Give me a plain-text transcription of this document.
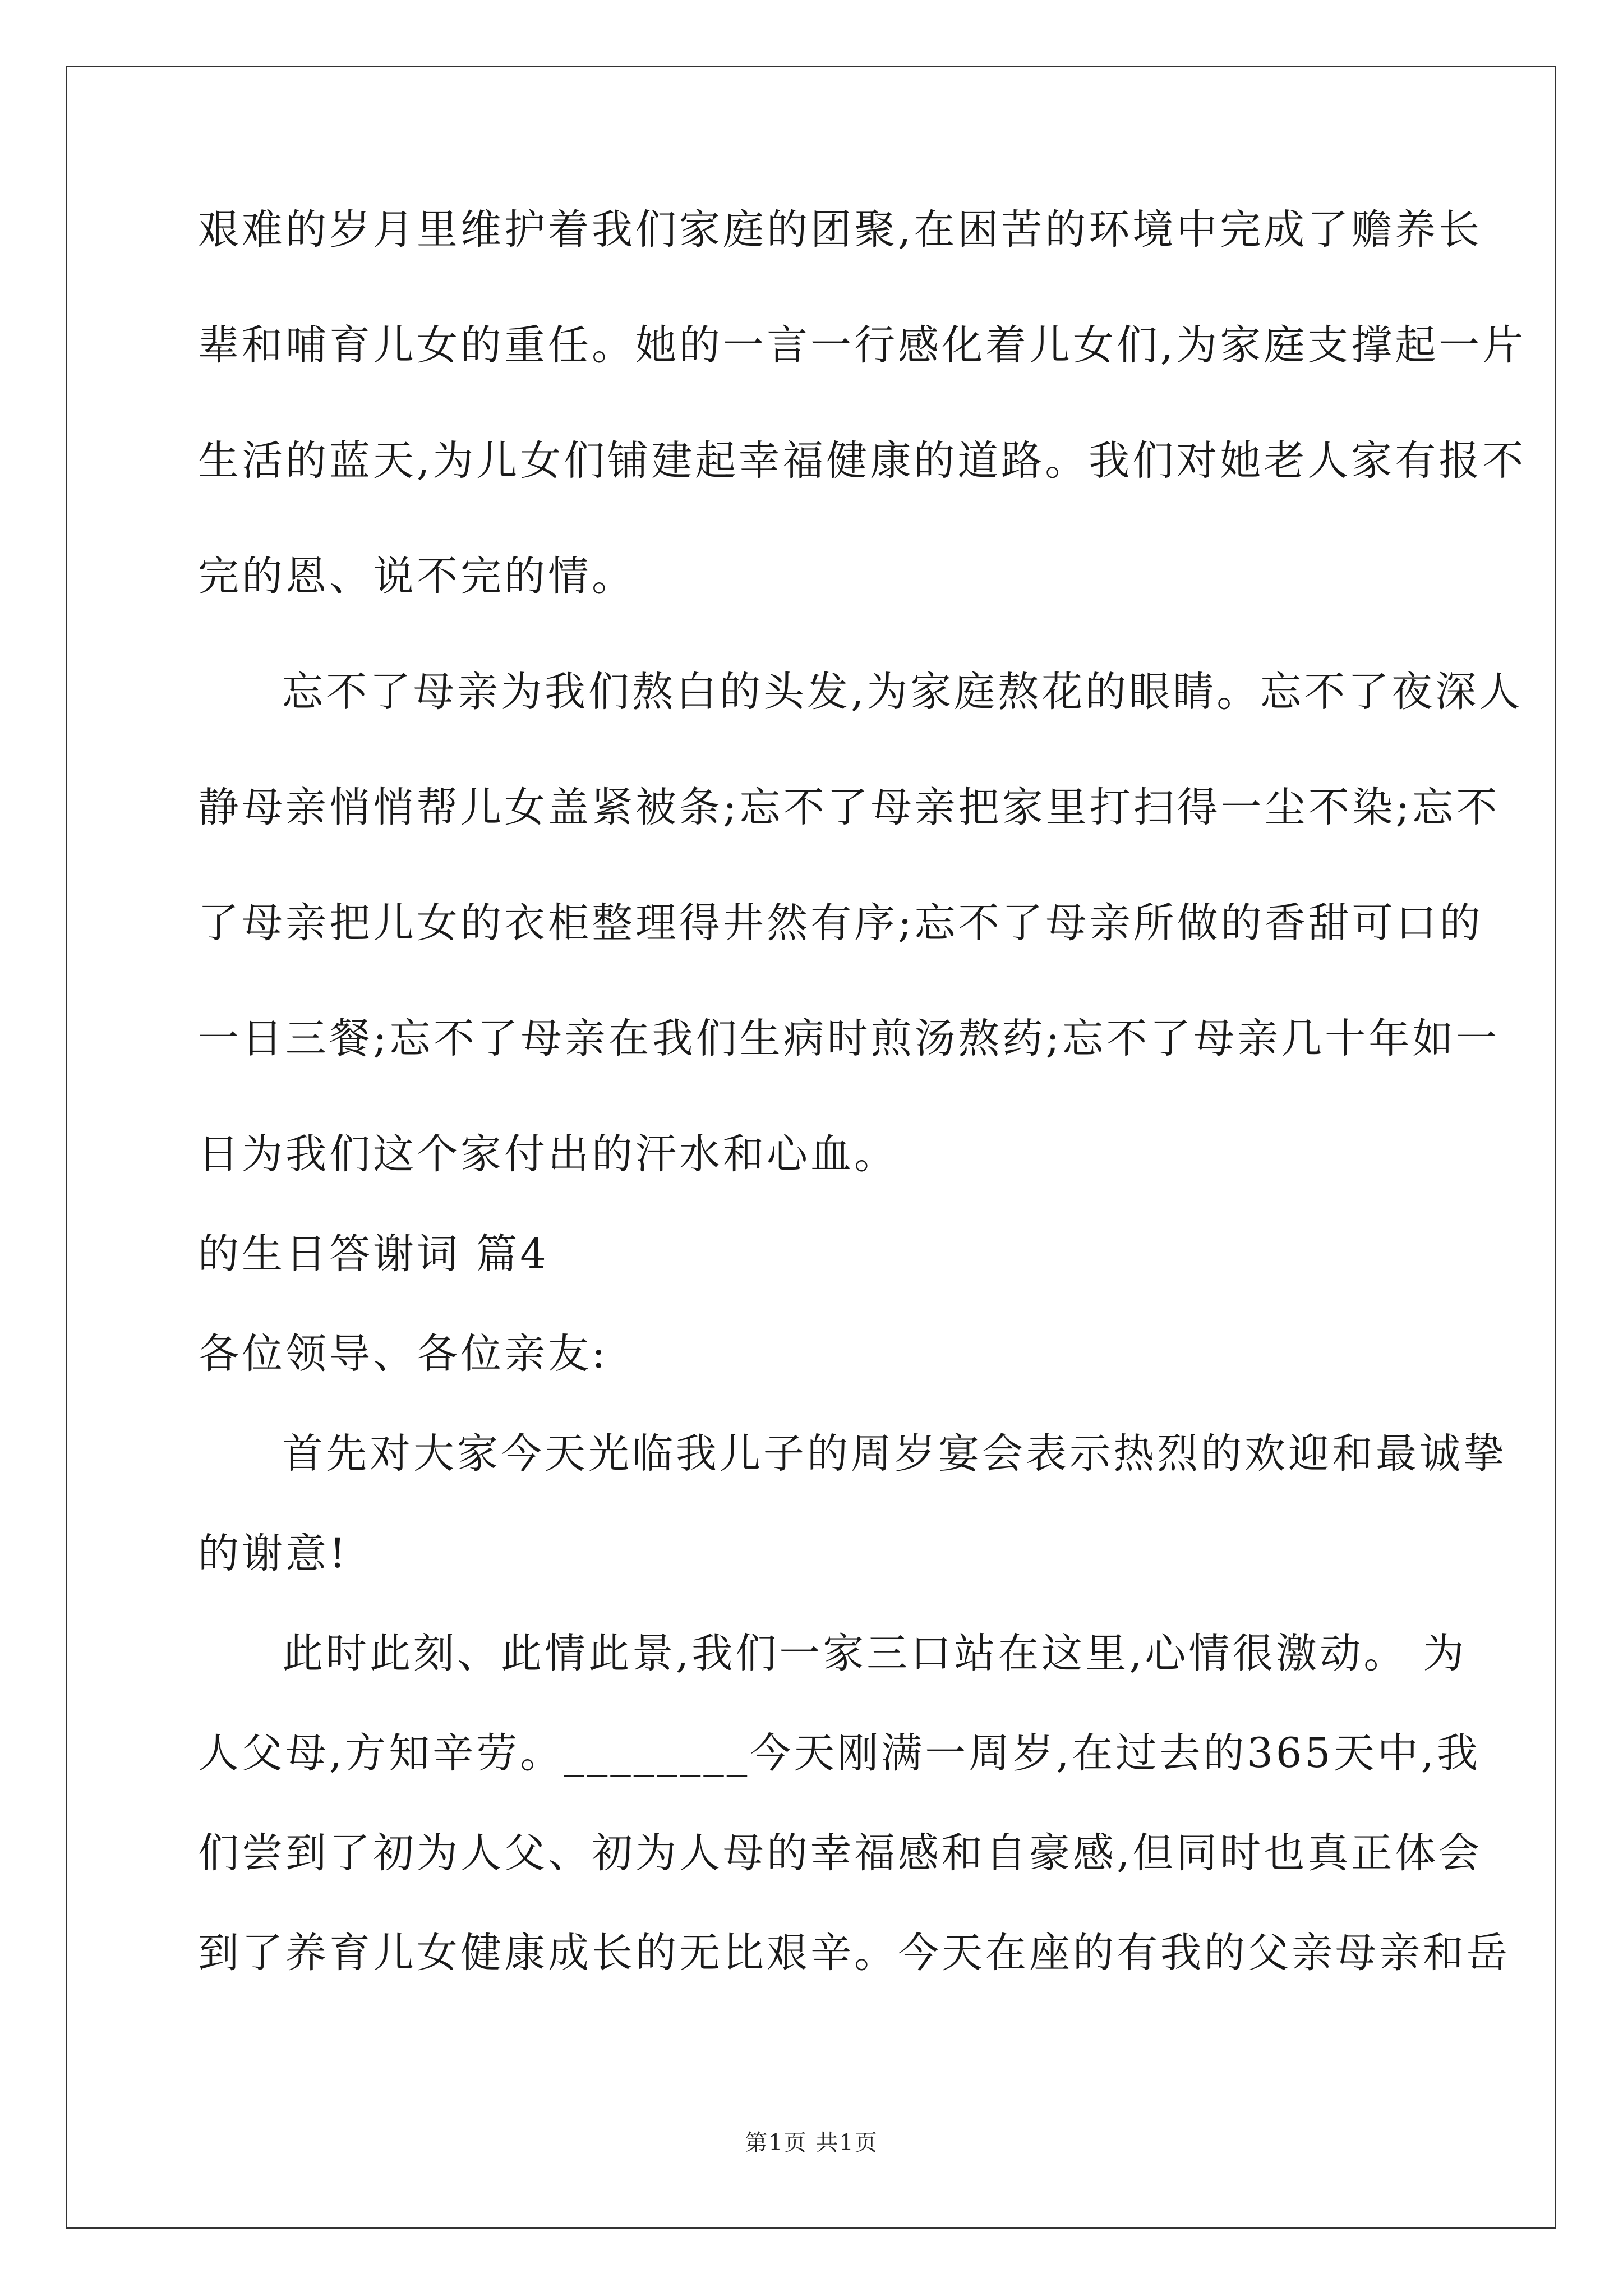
艰难的岁月里维护着我们家庭的团聚,在困苦的环境中完成了赡养长
辈和哺育儿女的重任。她的一言一行感化着儿女们,为家庭支撑起一片
生活的蓝天,为儿女们铺建起幸福健康的道路。我们对她老人家有报不
完的恩、说不完的情。
忘不了母亲为我们熬白的头发,为家庭熬花的眼睛。忘不了夜深人
静母亲悄悄帮儿女盖紧被条;忘不了母亲把家里打扫得一尘不染;忘不
了母亲把儿女的衣柜整理得井然有序;忘不了母亲所做的香甜可口的
一日三餐;忘不了母亲在我们生病时煎汤熬药;忘不了母亲几十年如一
日为我们这个家付出的汗水和心血。
的生日答谢词 篇4
各位领导、各位亲友:
首先对大家今天光临我儿子的周岁宴会表示热烈的欢迎和最诚挚
的谢意!
此时此刻、此情此景,我们一家三口站在这里,心情很激动。 为
人父母,方知辛劳。________今天刚满一周岁,在过去的365天中,我
们尝到了初为人父、初为人母的幸福感和自豪感,但同时也真正体会
到了养育儿女健康成长的无比艰辛。今天在座的有我的父亲母亲和岳
第1页 共1页
